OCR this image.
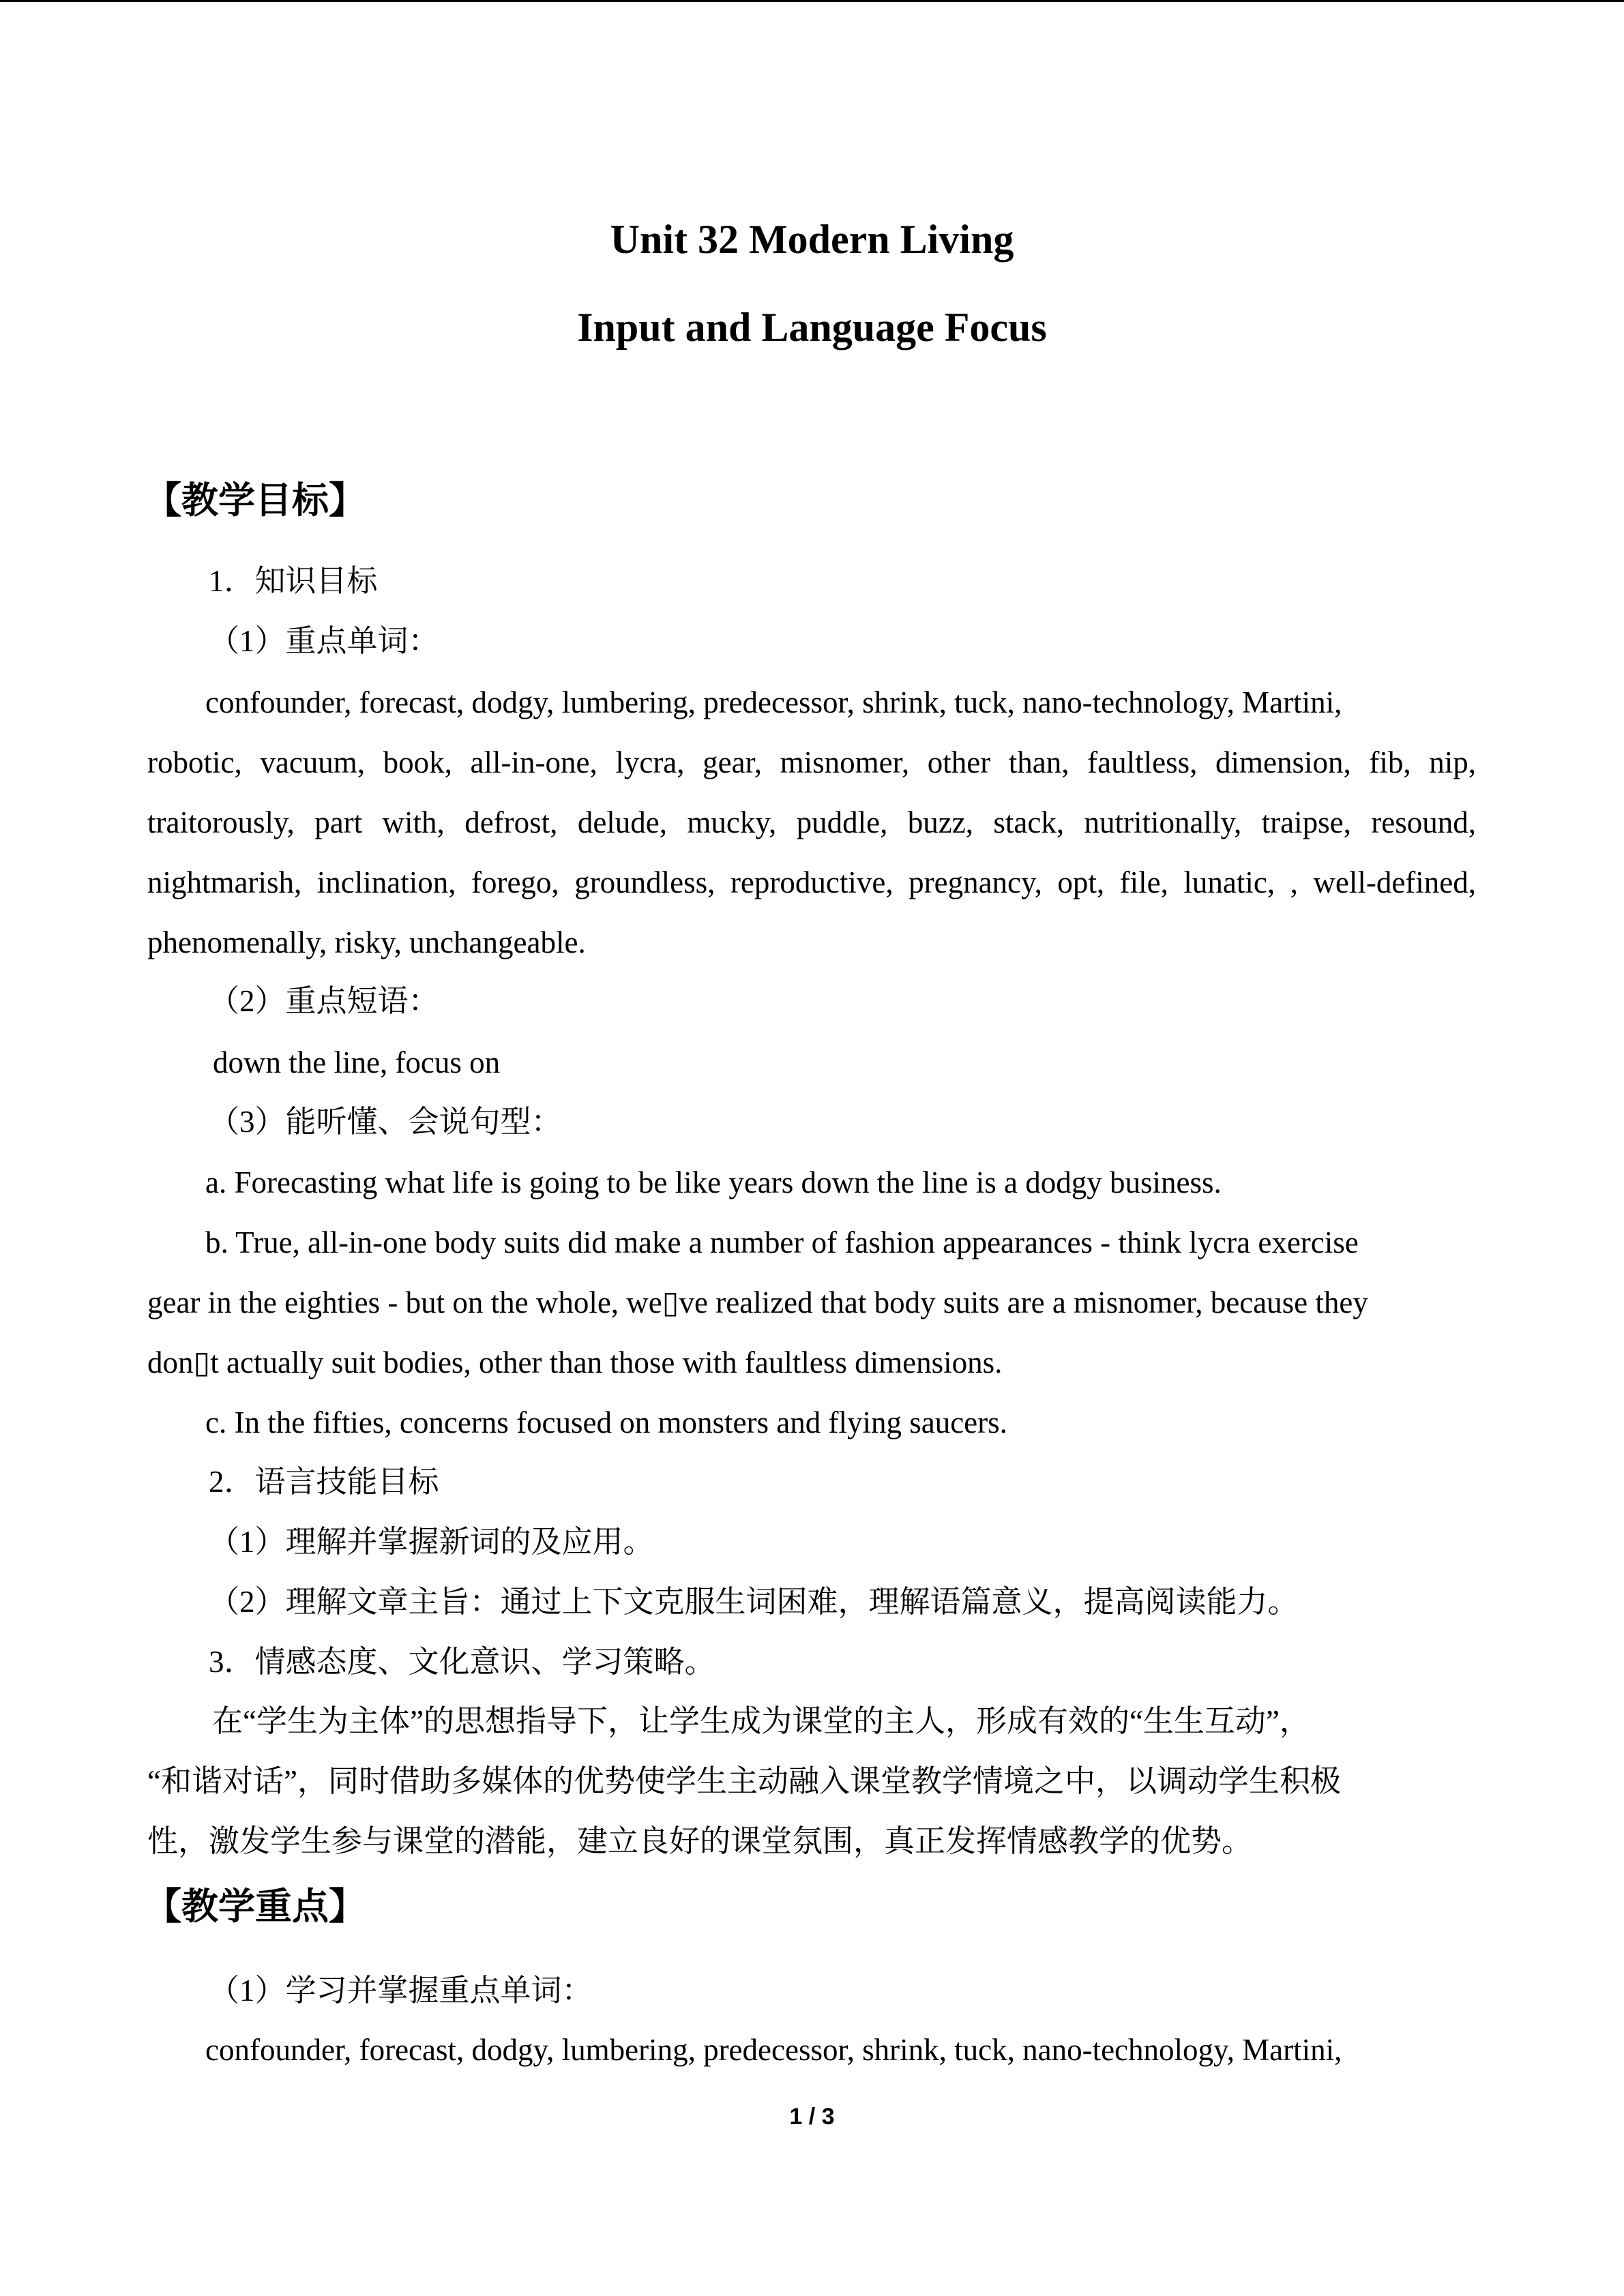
Unit 32 Modern Living
Input and Language Focus
【教学目标】
1．知识目标
（1）重点单词：
confounder, forecast, dodgy, lumbering, predecessor, shrink, tuck, nano-technology, Martini,
robotic, vacuum, book, all-in-one, lycra, gear, misnomer, other than, faultless, dimension, fib, nip,
traitorously, part with, defrost, delude, mucky, puddle, buzz, stack, nutritionally, traipse, resound,
nightmarish, inclination, forego, groundless, reproductive, pregnancy, opt, file, lunatic, , well-defined,
phenomenally, risky, unchangeable.
（2）重点短语：
down the line, focus on
（3）能听懂、会说句型：
a. Forecasting what life is going to be like years down the line is a dodgy business.
b. True, all-in-one body suits did make a number of fashion appearances - think lycra exercise
gear in the eighties - but on the whole, we▯ve realized that body suits are a misnomer, because they
don▯t actually suit bodies, other than those with faultless dimensions.
c. In the fifties, concerns focused on monsters and flying saucers.
2．语言技能目标
（1）理解并掌握新词的及应用。
（2）理解文章主旨：通过上下文克服生词困难，理解语篇意义，提高阅读能力。
3．情感态度、文化意识、学习策略。
在“学生为主体”的思想指导下，让学生成为课堂的主人，形成有效的“生生互动”，
“和谐对话”，同时借助多媒体的优势使学生主动融入课堂教学情境之中，以调动学生积极
性，激发学生参与课堂的潜能，建立良好的课堂氛围，真正发挥情感教学的优势。
【教学重点】
（1）学习并掌握重点单词：
confounder, forecast, dodgy, lumbering, predecessor, shrink, tuck, nano-technology, Martini,
1 / 3
